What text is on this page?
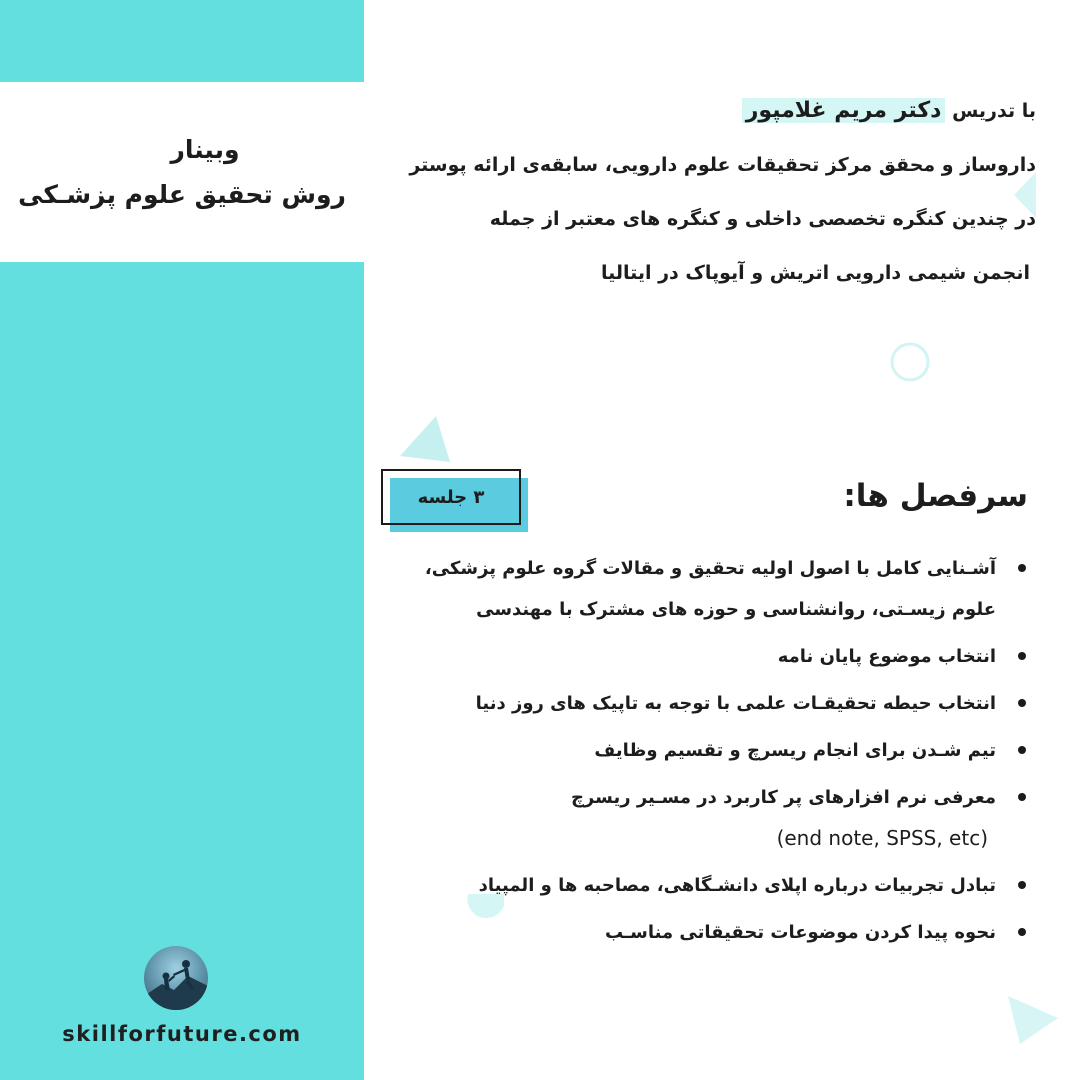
وبینار
روش تحقیق علوم پزشـکی
skillforfuture.com
با تدریس دکتر مریم غلامپور
داروساز و محقق مرکز تحقیقات علوم دارویی، سابقه‌ی ارائه پوستر
در چندین کنگره تخصصی داخلی و کنگره های معتبر از جمله
انجمن شیمی دارویی اتریش و آیوپاک در ایتالیا
سرفصل ها:
۳ جلسه
آشـنایی کامل با اصول اولیه تحقیق و مقالات گروه علوم پزشکی،
علوم زیسـتی، روانشناسی و حوزه های مشترک با مهندسی
انتخاب موضوع پایان نامه
انتخاب حیطه تحقیقـات علمی با توجه به تاپیک های روز دنیا
تیم شـدن برای انجام ریسرچ و تقسیم وظایف
معرفی نرم افزارهای پر کاربرد در مسـیر ریسرچ
(end note, SPSS, etc)
تبادل تجربیات درباره اپلای دانشـگاهی، مصاحبه ها و المپیاد
نحوه پیدا کردن موضوعات تحقیقاتی مناسـب
